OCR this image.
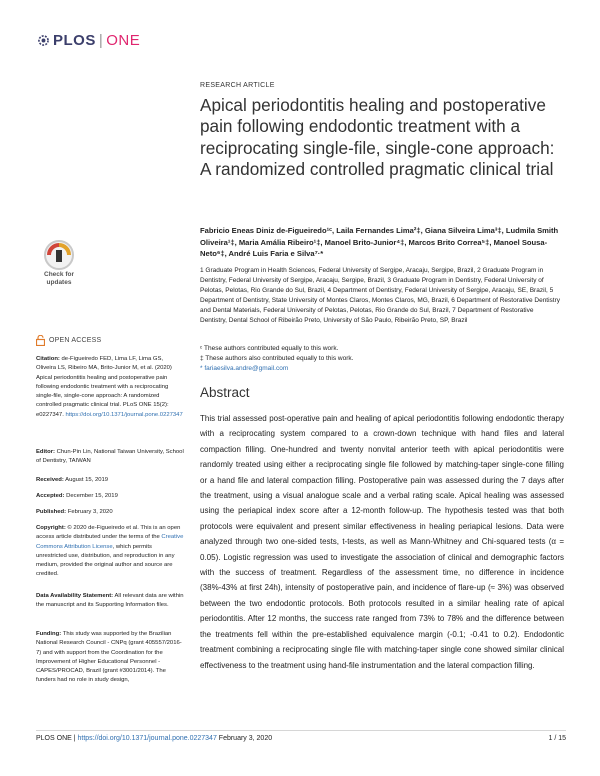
PLOS | ONE
RESEARCH ARTICLE
Apical periodontitis healing and postoperative pain following endodontic treatment with a reciprocating single-file, single-cone approach: A randomized controlled pragmatic clinical trial
Fabricio Eneas Diniz de-Figueiredo¹ᶜ, Laila Fernandes Lima²‡, Giana Silveira Lima³‡, Ludmila Smith Oliveira¹‡, Maria Amália Ribeiro¹‡, Manoel Brito-Junior⁴‡, Marcos Brito Correa⁵‡, Manoel Sousa-Neto⁶‡, André Luis Faria e Silva⁷·*
1 Graduate Program in Health Sciences, Federal University of Sergipe, Aracaju, Sergipe, Brazil, 2 Graduate Program in Dentistry, Federal University of Sergipe, Aracaju, Sergipe, Brazil, 3 Graduate Program in Dentistry, Federal University of Pelotas, Pelotas, Rio Grande do Sul, Brazil, 4 Department of Dentistry, Federal University of Sergipe, Aracaju, SE, Brazil, 5 Department of Dentistry, State University of Montes Claros, Montes Claros, MG, Brazil, 6 Department of Restorative Dentistry and Dental Materials, Federal University of Pelotas, Pelotas, Rio Grande do Sul, Brazil, 7 Department of Restorative Dentistry, Dental School of Ribeirão Preto, University of São Paulo, Ribeirão Preto, SP, Brazil
ᶜ These authors contributed equally to this work.
‡ These authors also contributed equally to this work.
* fariaesilva.andre@gmail.com
Abstract
This trial assessed post-operative pain and healing of apical periodontitis following endodontic therapy with a reciprocating system compared to a crown-down technique with hand files and lateral compaction filling. One-hundred and twenty nonvital anterior teeth with apical periodontitis were randomly treated using either a reciprocating single file followed by matching-taper single-cone filling or a hand file and lateral compaction filling. Postoperative pain was assessed during the 7 days after the treatment, using a visual analogue scale and a verbal rating scale. Apical healing was assessed using the periapical index score after a 12-month follow-up. The hypothesis tested was that both protocols were equivalent and present similar effectiveness in healing periapical lesions. Data were analyzed through two one-sided tests, t-tests, as well as Mann-Whitney and Chi-squared tests (α = 0.05). Logistic regression was used to investigate the association of clinical and demographic factors with the success of treatment. Regardless of the assessment time, no difference in incidence (38%-43% at first 24h), intensity of postoperative pain, and incidence of flare-up (≈ 3%) was observed between the two endodontic protocols. Both protocols resulted in a similar healing rate of apical periodontitis. After 12 months, the success rate ranged from 73% to 78% and the difference between the treatments fell within the pre-established equivalence margin (-0.1; -0.41 to 0.2). Endodontic treatment combining a reciprocating single file with matching-taper single cone showed similar clinical effectiveness to the treatment using hand-file instrumentation and the lateral compaction filling.
Check for updates
OPEN ACCESS
Citation: de-Figueiredo FED, Lima LF, Lima GS, Oliveira LS, Ribeiro MA, Brito-Junior M, et al. (2020) Apical periodontitis healing and postoperative pain following endodontic treatment with a reciprocating single-file, single-cone approach: A randomized controlled pragmatic clinical trial. PLoS ONE 15(2): e0227347. https://doi.org/10.1371/journal.pone.0227347
Editor: Chun-Pin Lin, National Taiwan University, School of Dentistry, TAIWAN
Received: August 15, 2019
Accepted: December 15, 2019
Published: February 3, 2020
Copyright: © 2020 de-Figueiredo et al. This is an open access article distributed under the terms of the Creative Commons Attribution License, which permits unrestricted use, distribution, and reproduction in any medium, provided the original author and source are credited.
Data Availability Statement: All relevant data are within the manuscript and its Supporting Information files.
Funding: This study was supported by the Brazilian National Research Council - CNPq (grant 405557/2016-7) and with support from the Coordination for the Improvement of Higher Educational Personnel - CAPES/PROCAD, Brazil (grant #3001/2014). The funders had no role in study design,
PLOS ONE | https://doi.org/10.1371/journal.pone.0227347 February 3, 2020	1 / 15
